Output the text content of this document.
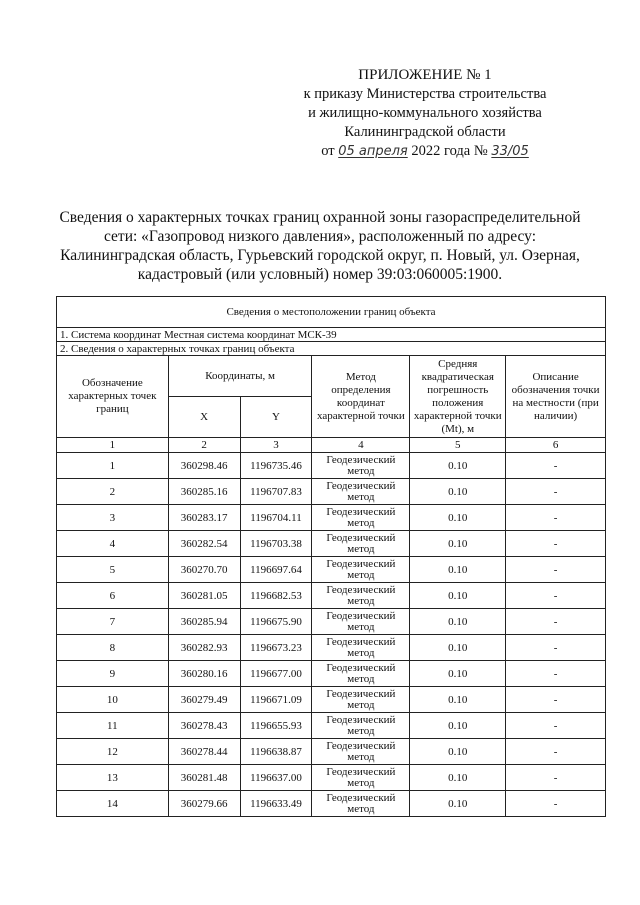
ПРИЛОЖЕНИЕ № 1
к приказу Министерства строительства
и жилищно-коммунального хозяйства
Калининградской области
от 05 апреля 2022 года № 33/05
Сведения о характерных точках границ охранной зоны газораспределительной
сети: «Газопровод низкого давления», расположенный по адресу:
Калининградская область, Гурьевский городской округ, п. Новый, ул. Озерная,
кадастровый (или условный) номер 39:03:060005:1900.
Сведения о местоположении границ объекта					
1. Система координат Местная система координат МСК-39					
2. Сведения о характерных точках границ объекта					
Обозначение характерных точек границ	Координаты, м		Метод определения координат характерной точки	Средняя квадратическая погрешность положения характерной точки (Mt), м	Описание обозначения точки на местности (при наличии)
	X	Y			
1	2	3	4	5	6
1	360298.46	1196735.46	Геодезический метод	0.10	-
2	360285.16	1196707.83	Геодезический метод	0.10	-
3	360283.17	1196704.11	Геодезический метод	0.10	-
4	360282.54	1196703.38	Геодезический метод	0.10	-
5	360270.70	1196697.64	Геодезический метод	0.10	-
6	360281.05	1196682.53	Геодезический метод	0.10	-
7	360285.94	1196675.90	Геодезический метод	0.10	-
8	360282.93	1196673.23	Геодезический метод	0.10	-
9	360280.16	1196677.00	Геодезический метод	0.10	-
10	360279.49	1196671.09	Геодезический метод	0.10	-
11	360278.43	1196655.93	Геодезический метод	0.10	-
12	360278.44	1196638.87	Геодезический метод	0.10	-
13	360281.48	1196637.00	Геодезический метод	0.10	-
14	360279.66	1196633.49	Геодезический метод	0.10	-
